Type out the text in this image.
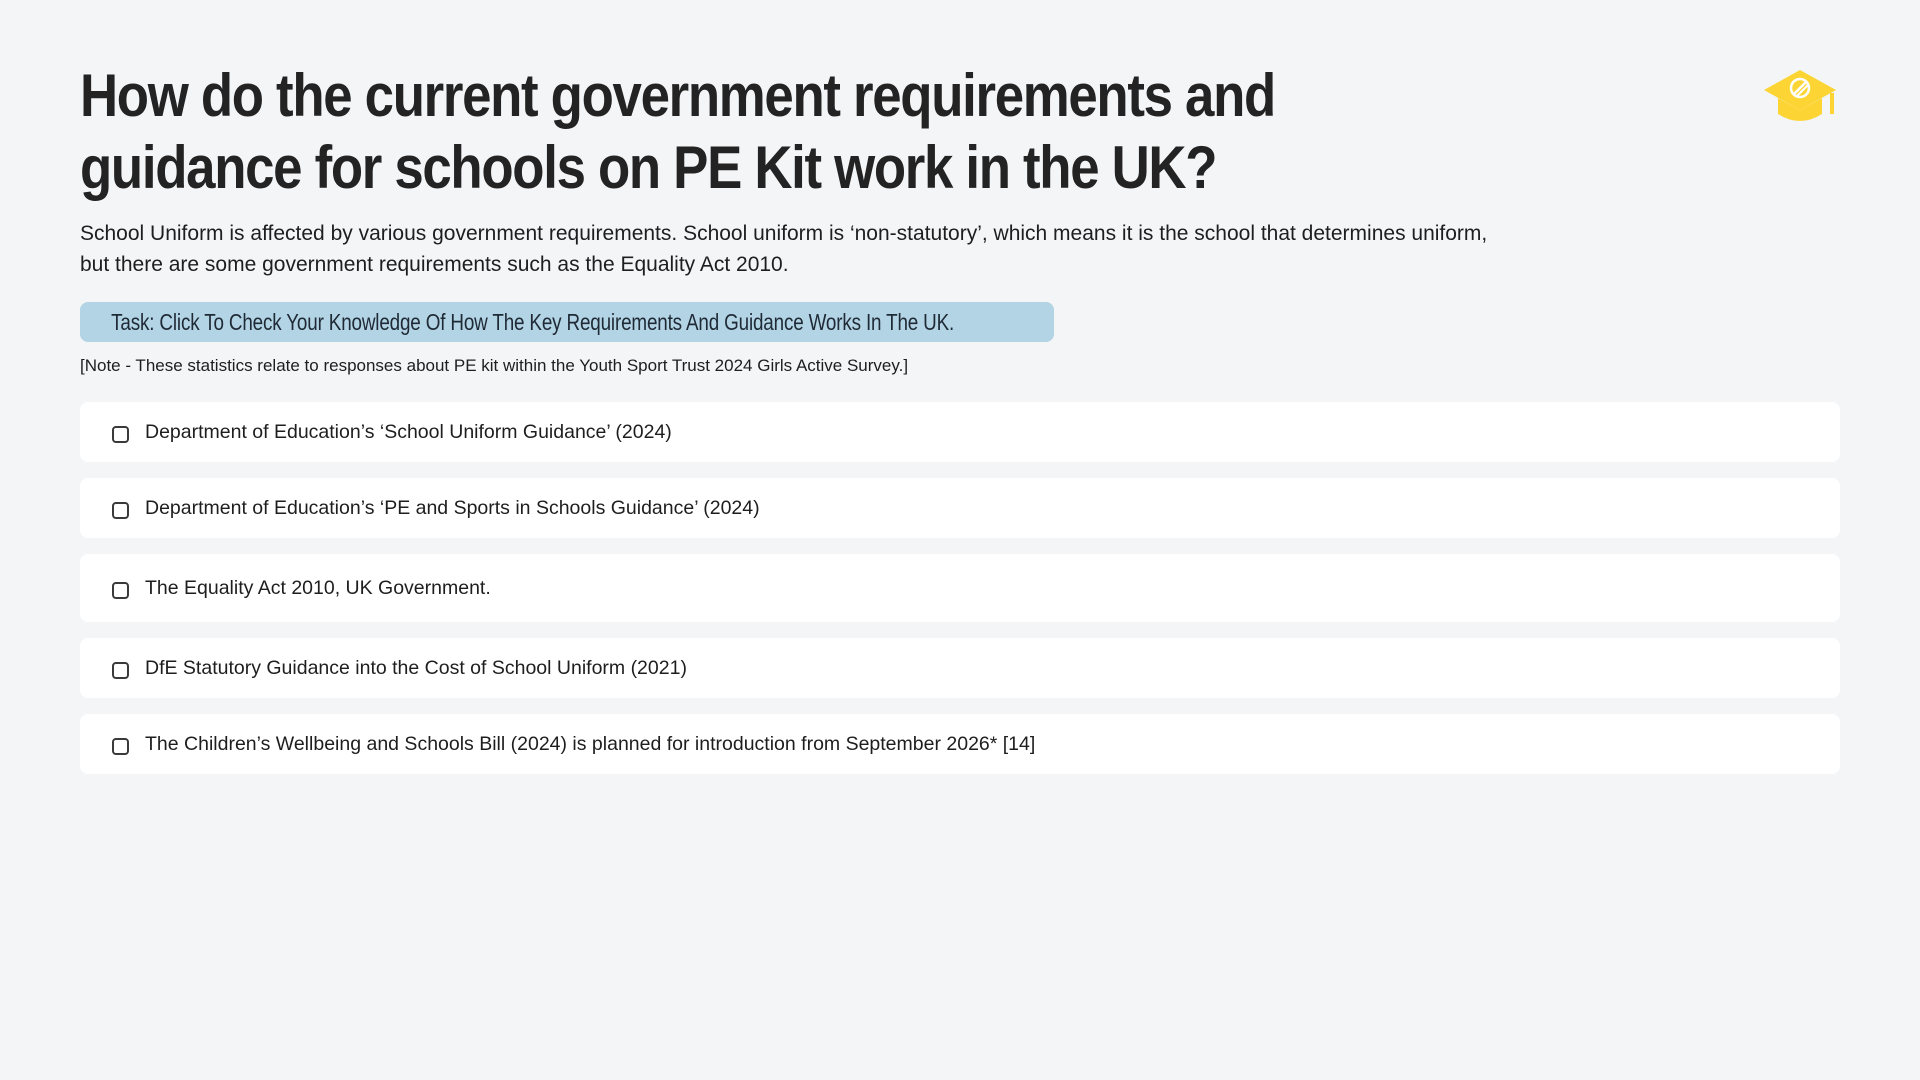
How do the current government requirements and guidance for schools on PE Kit work in the UK?

School Uniform is affected by various government requirements. School uniform is ‘non-statutory’, which means it is the school that determines uniform, but there are some government requirements such as the Equality Act 2010.

Task: Click To Check Your Knowledge Of How The Key Requirements And Guidance Works In The UK.

[Note - These statistics relate to responses about PE kit within the Youth Sport Trust 2024 Girls Active Survey.]

Department of Education’s ‘School Uniform Guidance’ (2024)
Department of Education’s ‘PE and Sports in Schools Guidance’ (2024)
The Equality Act 2010, UK Government.
DfE Statutory Guidance into the Cost of School Uniform (2021)
The Children’s Wellbeing and Schools Bill (2024) is planned for introduction from September 2026* [14]
